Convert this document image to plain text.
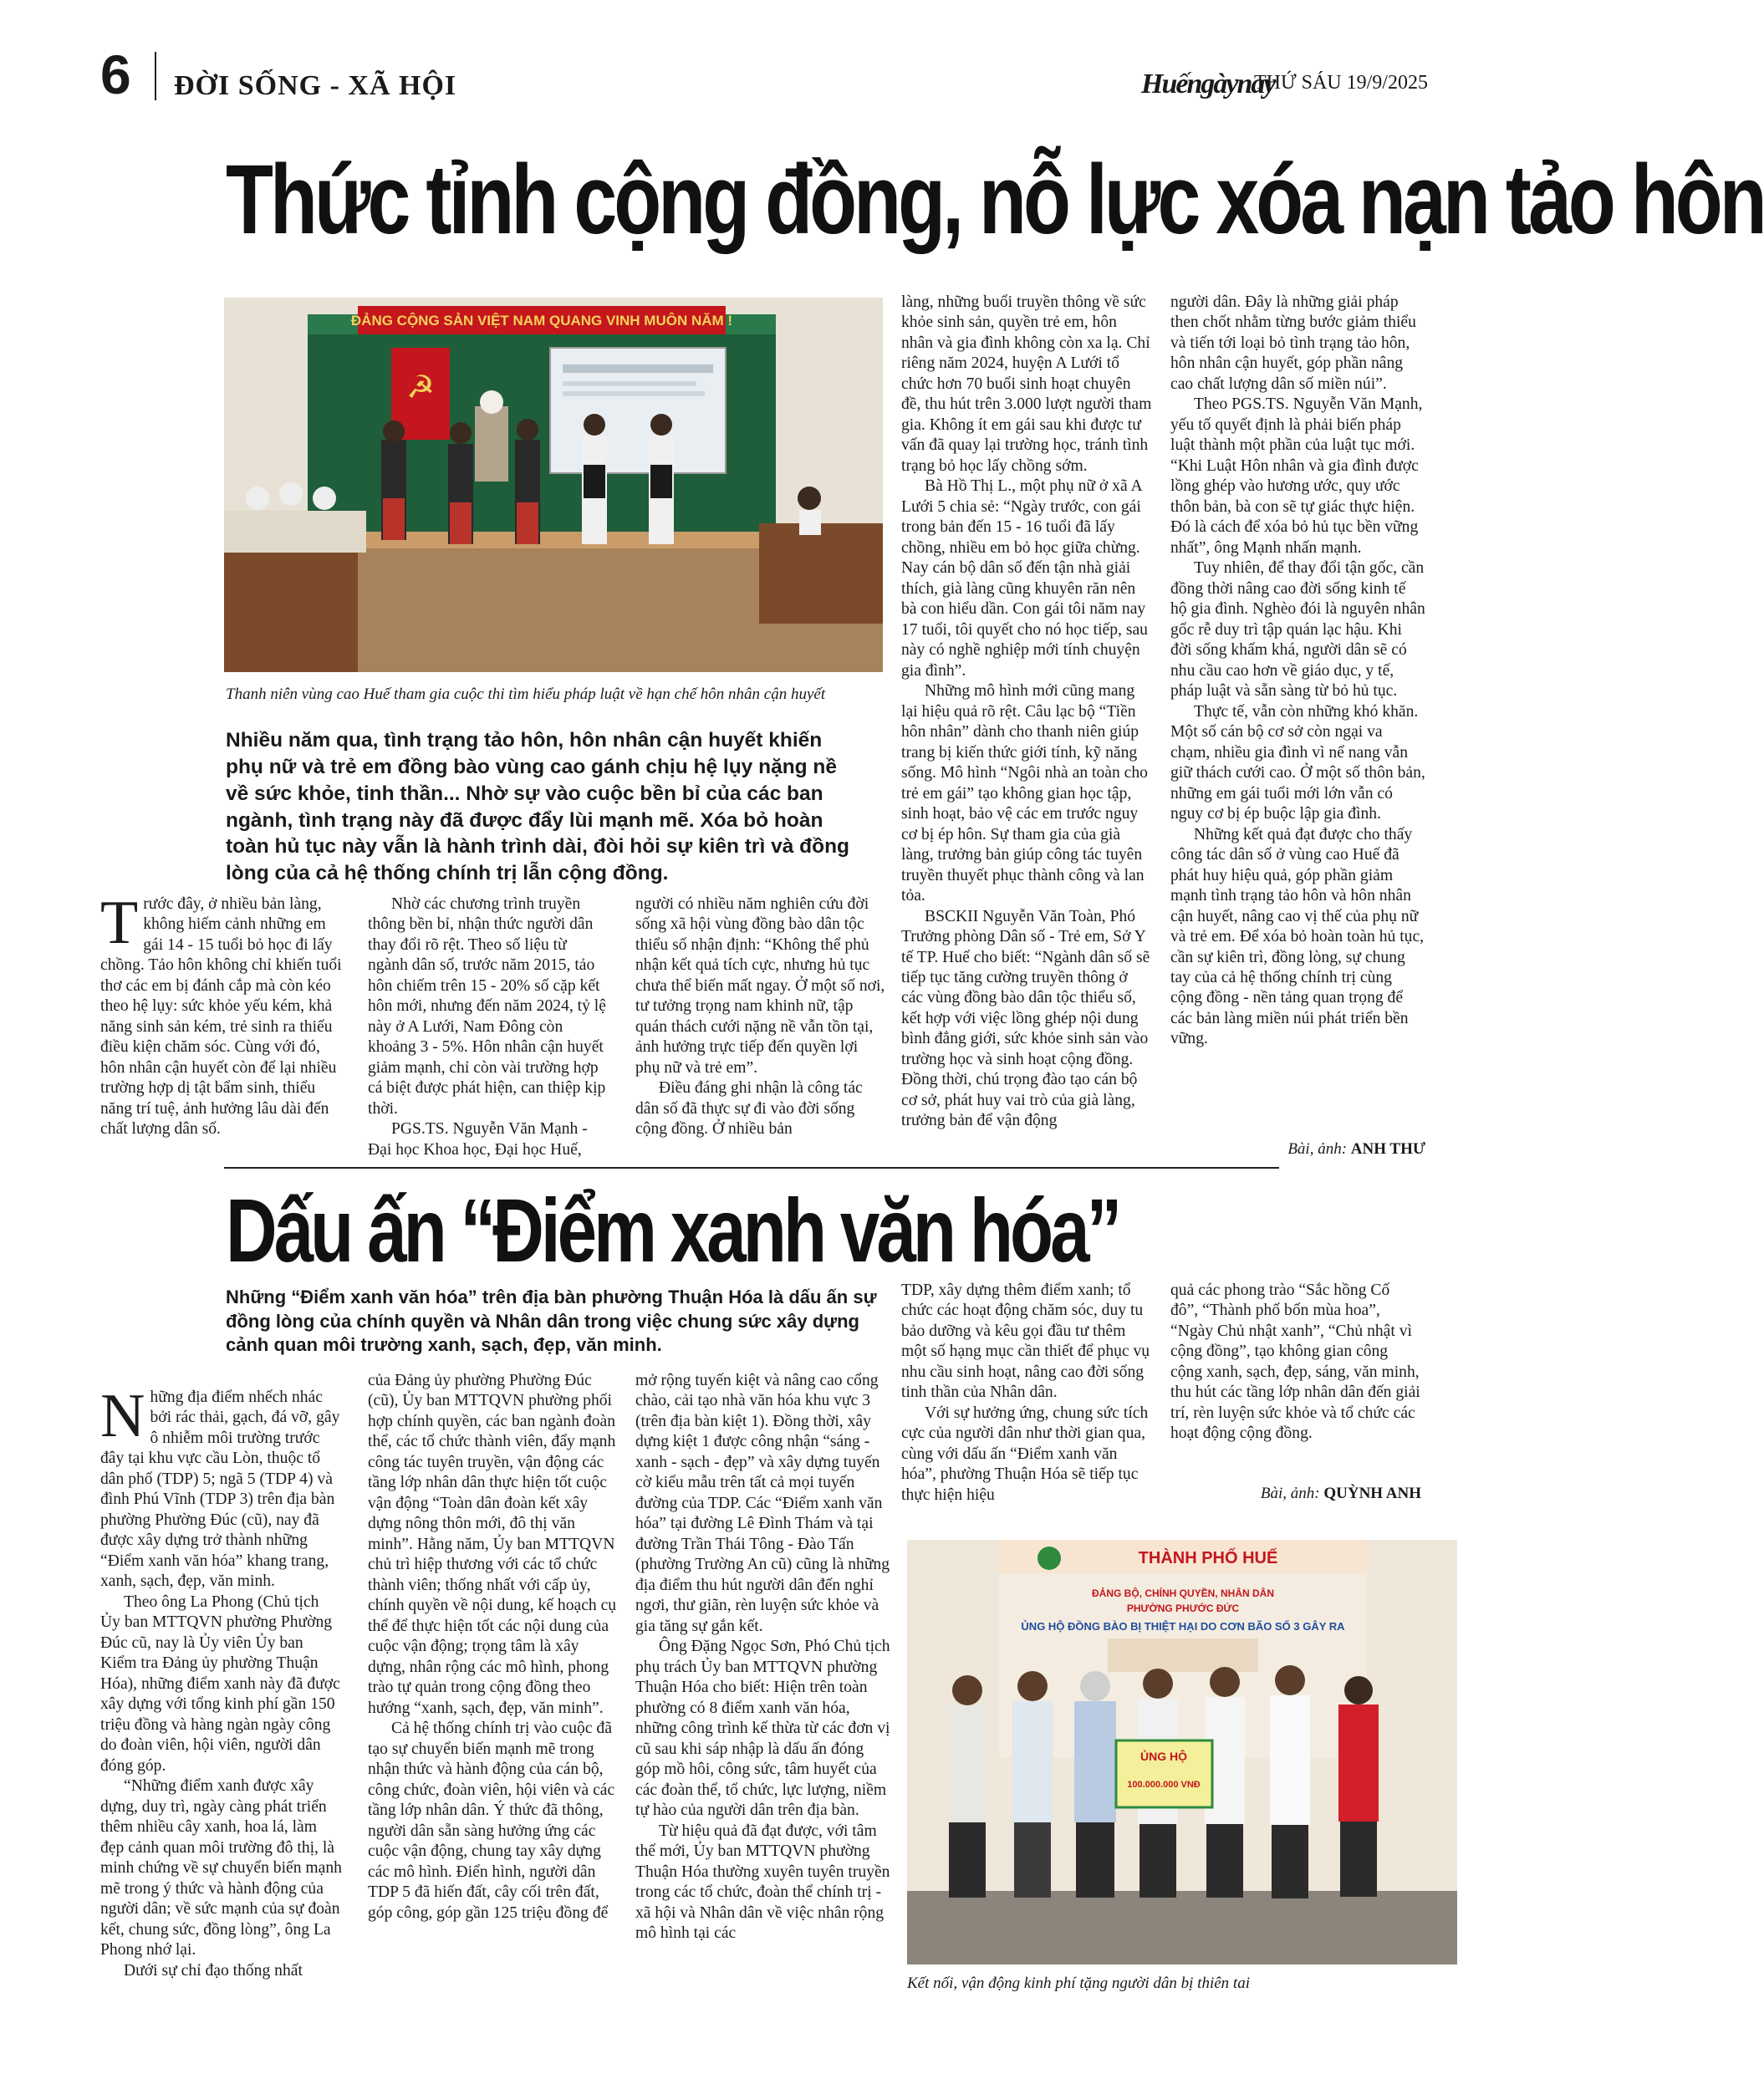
6 ĐỜI SỐNG - XÃ HỘI	Huếngàynay
THỨ SÁU 19/9/2025
Thức tỉnh cộng đồng, nỗ lực xóa nạn tảo hôn
ĐẢNG CỘNG SẢN VIỆT NAM QUANG VINH MUÔN NĂM !
☭
Thanh niên vùng cao Huế tham gia cuộc thi tìm hiểu pháp luật về hạn chế hôn nhân cận huyết
Nhiều năm qua, tình trạng tảo hôn, hôn nhân cận huyết khiến phụ nữ và trẻ em đồng bào vùng cao gánh chịu hệ lụy nặng nề về sức khỏe, tinh thần... Nhờ sự vào cuộc bền bỉ của các ban ngành, tình trạng này đã được đẩy lùi mạnh mẽ. Xóa bỏ hoàn toàn hủ tục này vẫn là hành trình dài, đòi hỏi sự kiên trì và đồng lòng của cả hệ thống chính trị lẫn cộng đồng.

Trước đây, ở nhiều bản làng, không hiếm cảnh những em gái 14 - 15 tuổi bỏ học đi lấy chồng. Tảo hôn không chỉ khiến tuổi thơ các em bị đánh cắp mà còn kéo theo hệ lụy: sức khỏe yếu kém, khả năng sinh sản kém, trẻ sinh ra thiếu điều kiện chăm sóc. Cùng với đó, hôn nhân cận huyết còn để lại nhiều trường hợp dị tật bẩm sinh, thiểu năng trí tuệ, ảnh hưởng lâu dài đến chất lượng dân số.

Nhờ các chương trình truyền thông bền bỉ, nhận thức người dân thay đổi rõ rệt. Theo số liệu từ ngành dân số, trước năm 2015, tảo hôn chiếm trên 15 - 20% số cặp kết hôn mới, nhưng đến năm 2024, tỷ lệ này ở A Lưới, Nam Đông còn khoảng 3 - 5%. Hôn nhân cận huyết giảm mạnh, chỉ còn vài trường hợp cá biệt được phát hiện, can thiệp kịp thời.

PGS.TS. Nguyễn Văn Mạnh - Đại học Khoa học, Đại học Huế,

người có nhiều năm nghiên cứu đời sống xã hội vùng đồng bào dân tộc thiểu số nhận định: “Không thể phủ nhận kết quả tích cực, nhưng hủ tục chưa thể biến mất ngay. Ở một số nơi, tư tưởng trọng nam khinh nữ, tập quán thách cưới nặng nề vẫn tồn tại, ảnh hưởng trực tiếp đến quyền lợi phụ nữ và trẻ em”.

Điều đáng ghi nhận là công tác dân số đã thực sự đi vào đời sống cộng đồng. Ở nhiều bản

làng, những buổi truyền thông về sức khỏe sinh sản, quyền trẻ em, hôn nhân và gia đình không còn xa lạ. Chỉ riêng năm 2024, huyện A Lưới tổ chức hơn 70 buổi sinh hoạt chuyên đề, thu hút trên 3.000 lượt người tham gia. Không ít em gái sau khi được tư vấn đã quay lại trường học, tránh tình trạng bỏ học lấy chồng sớm.

Bà Hồ Thị L., một phụ nữ ở xã A Lưới 5 chia sẻ: “Ngày trước, con gái trong bản đến 15 - 16 tuổi đã lấy chồng, nhiều em bỏ học giữa chừng. Nay cán bộ dân số đến tận nhà giải thích, già làng cũng khuyên răn nên bà con hiểu dần. Con gái tôi năm nay 17 tuổi, tôi quyết cho nó học tiếp, sau này có nghề nghiệp mới tính chuyện gia đình”.

Những mô hình mới cũng mang lại hiệu quả rõ rệt. Câu lạc bộ “Tiền hôn nhân” dành cho thanh niên giúp trang bị kiến thức giới tính, kỹ năng sống. Mô hình “Ngôi nhà an toàn cho trẻ em gái” tạo không gian học tập, sinh hoạt, bảo vệ các em trước nguy cơ bị ép hôn. Sự tham gia của già làng, trưởng bản giúp công tác tuyên truyền thuyết phục thành công và lan tỏa.

BSCKII Nguyễn Văn Toàn, Phó Trưởng phòng Dân số - Trẻ em, Sở Y tế TP. Huế cho biết: “Ngành dân số sẽ tiếp tục tăng cường truyền thông ở các vùng đồng bào dân tộc thiểu số, kết hợp với việc lồng ghép nội dung bình đẳng giới, sức khỏe sinh sản vào trường học và sinh hoạt cộng đồng. Đồng thời, chú trọng đào tạo cán bộ cơ sở, phát huy vai trò của già làng, trưởng bản để vận động

người dân. Đây là những giải pháp then chốt nhằm từng bước giảm thiểu và tiến tới loại bỏ tình trạng tảo hôn, hôn nhân cận huyết, góp phần nâng cao chất lượng dân số miền núi”.

Theo PGS.TS. Nguyễn Văn Mạnh, yếu tố quyết định là phải biến pháp luật thành một phần của luật tục mới. “Khi Luật Hôn nhân và gia đình được lồng ghép vào hương ước, quy ước thôn bản, bà con sẽ tự giác thực hiện. Đó là cách để xóa bỏ hủ tục bền vững nhất”, ông Mạnh nhấn mạnh.

Tuy nhiên, để thay đổi tận gốc, cần đồng thời nâng cao đời sống kinh tế hộ gia đình. Nghèo đói là nguyên nhân gốc rễ duy trì tập quán lạc hậu. Khi đời sống khấm khá, người dân sẽ có nhu cầu cao hơn về giáo dục, y tế, pháp luật và sẵn sàng từ bỏ hủ tục.

Thực tế, vẫn còn những khó khăn. Một số cán bộ cơ sở còn ngại va chạm, nhiều gia đình vì nể nang vẫn giữ thách cưới cao. Ở một số thôn bản, những em gái tuổi mới lớn vẫn có nguy cơ bị ép buộc lập gia đình.

Những kết quả đạt được cho thấy công tác dân số ở vùng cao Huế đã phát huy hiệu quả, góp phần giảm mạnh tình trạng tảo hôn và hôn nhân cận huyết, nâng cao vị thế của phụ nữ và trẻ em. Để xóa bỏ hoàn toàn hủ tục, cần sự kiên trì, đồng lòng, sự chung tay của cả hệ thống chính trị cùng cộng đồng - nền tảng quan trọng để các bản làng miền núi phát triển bền vững.

Bài, ảnh: ANH THƯ
Dấu ấn “Điểm xanh văn hóa”
Những “Điểm xanh văn hóa” trên địa bàn phường Thuận Hóa là dấu ấn sự đồng lòng của chính quyền và Nhân dân trong việc chung sức xây dựng cảnh quan môi trường xanh, sạch, đẹp, văn minh.

Những địa điểm nhếch nhác bởi rác thải, gạch, đá vỡ, gây ô nhiễm môi trường trước đây tại khu vực cầu Lòn, thuộc tổ dân phố (TDP) 5; ngã 5 (TDP 4) và đình Phú Vĩnh (TDP 3) trên địa bàn phường Phường Đúc (cũ), nay đã được xây dựng trở thành những “Điểm xanh văn hóa” khang trang, xanh, sạch, đẹp, văn minh.

Theo ông La Phong (Chủ tịch Ủy ban MTTQVN phường Phường Đúc cũ, nay là Ủy viên Ủy ban Kiểm tra Đảng ủy phường Thuận Hóa), những điểm xanh này đã được xây dựng với tổng kinh phí gần 150 triệu đồng và hàng ngàn ngày công do đoàn viên, hội viên, người dân đóng góp.

“Những điểm xanh được xây dựng, duy trì, ngày càng phát triển thêm nhiều cây xanh, hoa lá, làm đẹp cảnh quan môi trường đô thị, là minh chứng về sự chuyển biến mạnh mẽ trong ý thức và hành động của người dân; về sức mạnh của sự đoàn kết, chung sức, đồng lòng”, ông La Phong nhớ lại.

Dưới sự chỉ đạo thống nhất

của Đảng ủy phường Phường Đúc (cũ), Ủy ban MTTQVN phường phối hợp chính quyền, các ban ngành đoàn thể, các tổ chức thành viên, đẩy mạnh công tác tuyên truyền, vận động các tầng lớp nhân dân thực hiện tốt cuộc vận động “Toàn dân đoàn kết xây dựng nông thôn mới, đô thị văn minh”. Hằng năm, Ủy ban MTTQVN chủ trì hiệp thương với các tổ chức thành viên; thống nhất với cấp ủy, chính quyền về nội dung, kế hoạch cụ thể để thực hiện tốt các nội dung của cuộc vận động; trọng tâm là xây dựng, nhân rộng các mô hình, phong trào tự quản trong cộng đồng theo hướng “xanh, sạch, đẹp, văn minh”.

Cả hệ thống chính trị vào cuộc đã tạo sự chuyển biến mạnh mẽ trong nhận thức và hành động của cán bộ, công chức, đoàn viên, hội viên và các tầng lớp nhân dân. Ý thức đã thông, người dân sẵn sàng hưởng ứng các cuộc vận động, chung tay xây dựng các mô hình. Điển hình, người dân TDP 5 đã hiến đất, cây cối trên đất, góp công, góp gần 125 triệu đồng để

mở rộng tuyến kiệt và nâng cao cổng chào, cải tạo nhà văn hóa khu vực 3 (trên địa bàn kiệt 1). Đồng thời, xây dựng kiệt 1 được công nhận “sáng - xanh - sạch - đẹp” và xây dựng tuyến cờ kiểu mẫu trên tất cả mọi tuyến đường của TDP. Các “Điểm xanh văn hóa” tại đường Lê Đình Thám và tại đường Trần Thái Tông - Đào Tấn (phường Trường An cũ) cũng là những địa điểm thu hút người dân đến nghỉ ngơi, thư giãn, rèn luyện sức khỏe và gia tăng sự gắn kết.

Ông Đặng Ngọc Sơn, Phó Chủ tịch phụ trách Ủy ban MTTQVN phường Thuận Hóa cho biết: Hiện trên toàn phường có 8 điểm xanh văn hóa, những công trình kế thừa từ các đơn vị cũ sau khi sáp nhập là dấu ấn đóng góp mồ hôi, công sức, tâm huyết của các đoàn thể, tổ chức, lực lượng, niềm tự hào của người dân trên địa bàn.

Từ hiệu quả đã đạt được, với tâm thế mới, Ủy ban MTTQVN phường Thuận Hóa thường xuyên tuyên truyền trong các tổ chức, đoàn thể chính trị - xã hội và Nhân dân về việc nhân rộng mô hình tại các

TDP, xây dựng thêm điểm xanh; tổ chức các hoạt động chăm sóc, duy tu bảo dưỡng và kêu gọi đầu tư thêm một số hạng mục cần thiết để phục vụ nhu cầu sinh hoạt, nâng cao đời sống tinh thần của Nhân dân.

Với sự hưởng ứng, chung sức tích cực của người dân như thời gian qua, cùng với dấu ấn “Điểm xanh văn hóa”, phường Thuận Hóa sẽ tiếp tục thực hiện hiệu

quả các phong trào “Sắc hồng Cố đô”, “Thành phố bốn mùa hoa”, “Ngày Chủ nhật xanh”, “Chủ nhật vì cộng đồng”, tạo không gian công cộng xanh, sạch, đẹp, sáng, văn minh, thu hút các tầng lớp nhân dân đến giải trí, rèn luyện sức khỏe và tổ chức các hoạt động cộng đồng.

Bài, ảnh: QUỲNH ANH
THÀNH PHỐ HUẾ
ĐẢNG BỘ, CHÍNH QUYỀN, NHÂN DÂN
PHƯỜNG PHƯỚC ĐỨC
ỦNG HỘ ĐỒNG BÀO BỊ THIỆT HẠI DO CƠN BÃO SỐ 3 GÂY RA
ỦNG HỘ
100.000.000 VNĐ
Kết nối, vận động kinh phí tặng người dân bị thiên tai
